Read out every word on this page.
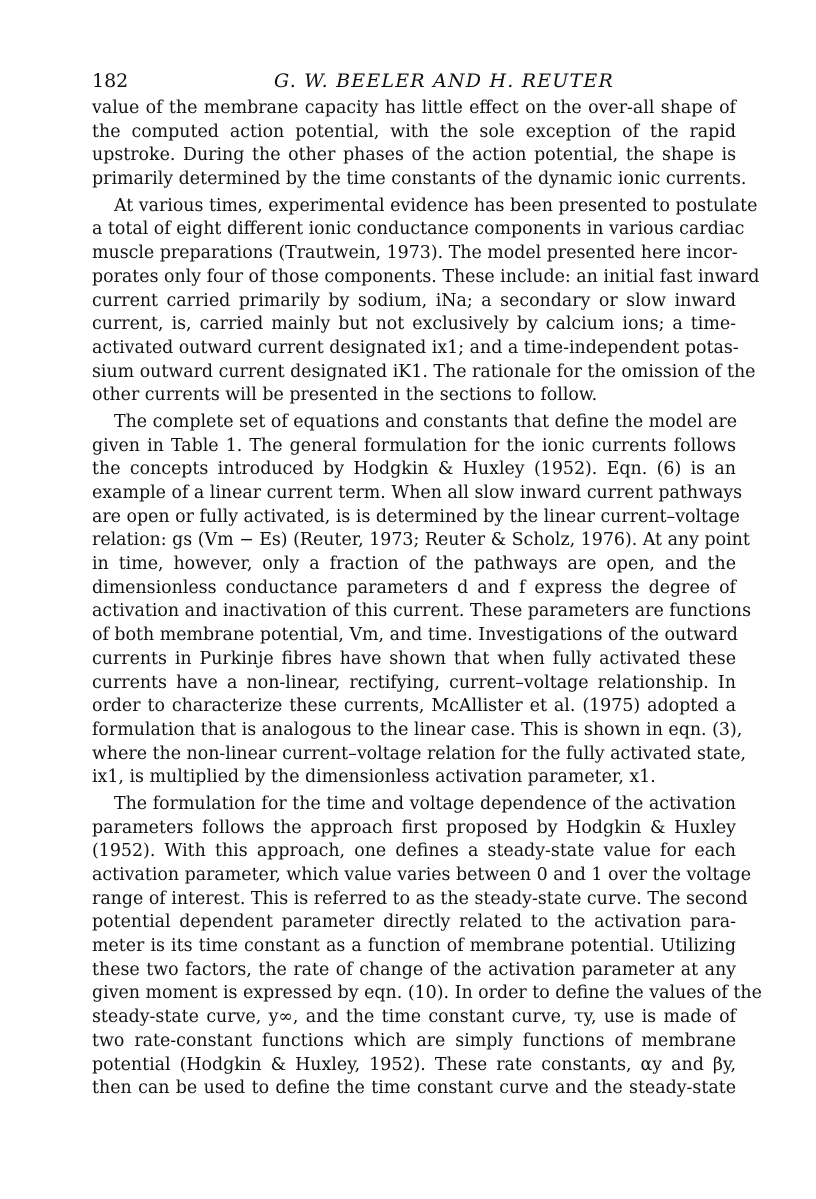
182	G. W. BEELER AND H. REUTER
value of the membrane capacity has little effect on the over-all shape of
the computed action potential, with the sole exception of the rapid
upstroke. During the other phases of the action potential, the shape is
primarily determined by the time constants of the dynamic ionic currents.
At various times, experimental evidence has been presented to postulate
a total of eight different ionic conductance components in various cardiac
muscle preparations (Trautwein, 1973). The model presented here incor-
porates only four of those components. These include: an initial fast inward
current carried primarily by sodium, iNa; a secondary or slow inward
current, is, carried mainly but not exclusively by calcium ions; a time-
activated outward current designated ix1; and a time-independent potas-
sium outward current designated iK1. The rationale for the omission of the
other currents will be presented in the sections to follow.
The complete set of equations and constants that define the model are
given in Table 1. The general formulation for the ionic currents follows
the concepts introduced by Hodgkin & Huxley (1952). Eqn. (6) is an
example of a linear current term. When all slow inward current pathways
are open or fully activated, is is determined by the linear current–voltage
relation: gs (Vm − Es) (Reuter, 1973; Reuter & Scholz, 1976). At any point
in time, however, only a fraction of the pathways are open, and the
dimensionless conductance parameters d and f express the degree of
activation and inactivation of this current. These parameters are functions
of both membrane potential, Vm, and time. Investigations of the outward
currents in Purkinje fibres have shown that when fully activated these
currents have a non-linear, rectifying, current–voltage relationship. In
order to characterize these currents, McAllister et al. (1975) adopted a
formulation that is analogous to the linear case. This is shown in eqn. (3),
where the non-linear current–voltage relation for the fully activated state,
ix1, is multiplied by the dimensionless activation parameter, x1.
The formulation for the time and voltage dependence of the activation
parameters follows the approach first proposed by Hodgkin & Huxley
(1952). With this approach, one defines a steady-state value for each
activation parameter, which value varies between 0 and 1 over the voltage
range of interest. This is referred to as the steady-state curve. The second
potential dependent parameter directly related to the activation para-
meter is its time constant as a function of membrane potential. Utilizing
these two factors, the rate of change of the activation parameter at any
given moment is expressed by eqn. (10). In order to define the values of the
steady-state curve, y∞, and the time constant curve, τy, use is made of
two rate-constant functions which are simply functions of membrane
potential (Hodgkin & Huxley, 1952). These rate constants, αy and βy,
then can be used to define the time constant curve and the steady-state
